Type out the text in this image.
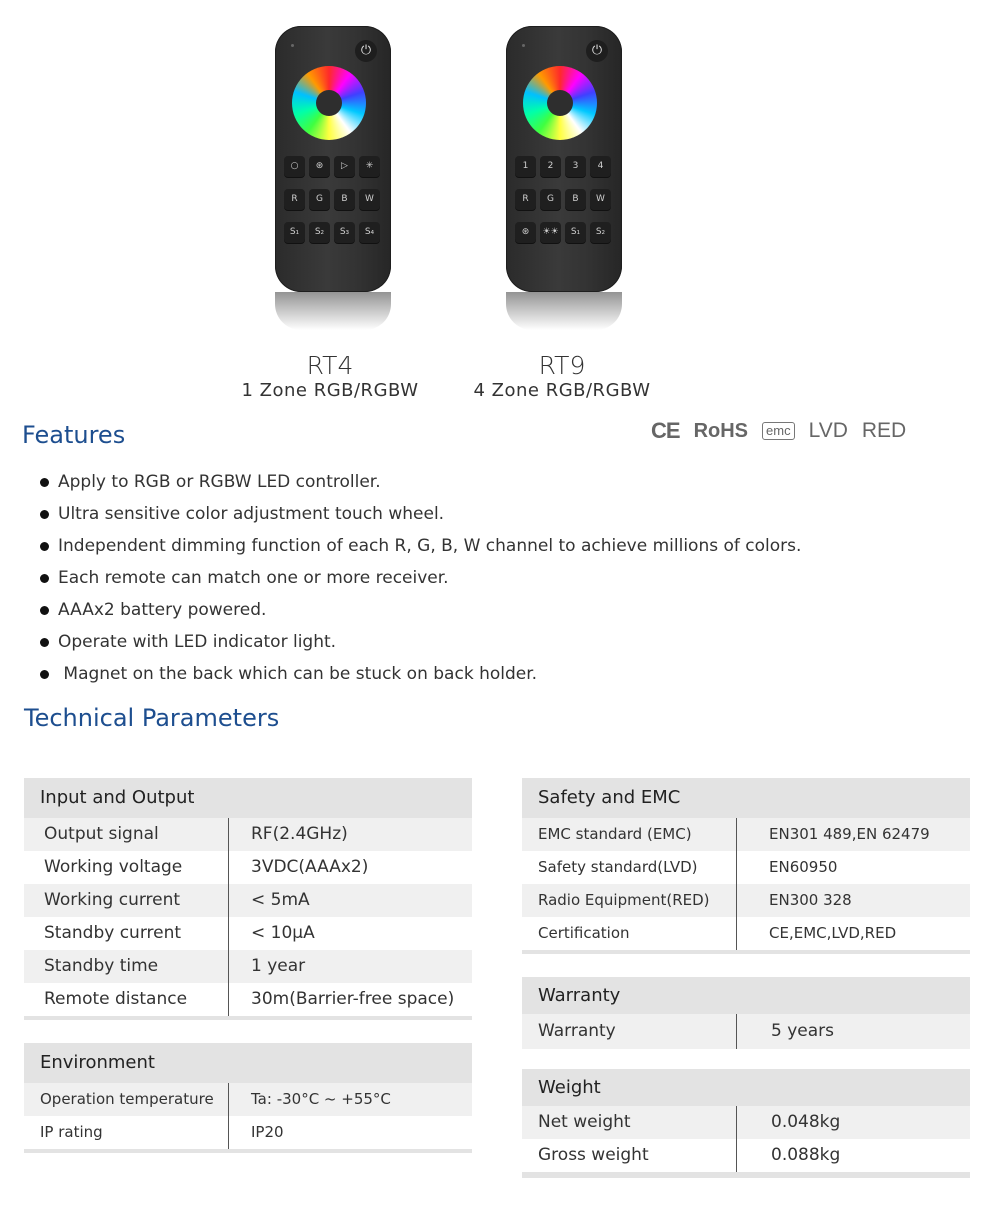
⏻
○	⊛	▷	✳
R	G	B	W
S₁	S₂	S₃	S₄
⏻
1	2	3	4
R	G	B	W
⊛	☀☀	S₁	S₂
RT4
1 Zone RGB/RGBW
RT9
4 Zone RGB/RGBW
Features	CE RoHS	emc LVD RED
Apply to RGB or RGBW LED controller.
Ultra sensitive color adjustment touch wheel.
Independent dimming function of each R, G, B, W channel to achieve millions of colors.
Each remote can match one or more receiver.
AAAx2 battery powered.
Operate with LED indicator light.
Magnet on the back which can be stuck on back holder.
Technical Parameters
Input and Output
Output signal	RF(2.4GHz)
Working voltage	3VDC(AAAx2)
Working current	< 5mA
Standby current	< 10μA
Standby time	1 year
Remote distance	30m(Barrier-free space)
Environment
Operation temperature	Ta: -30°C ~ +55°C
IP rating	IP20
Safety and EMC
EMC standard (EMC)	EN301 489,EN 62479
Safety standard(LVD)	EN60950
Radio Equipment(RED)	EN300 328
Certification	CE,EMC,LVD,RED
Warranty
Warranty	5 years
Weight
Net weight	0.048kg
Gross weight	0.088kg
